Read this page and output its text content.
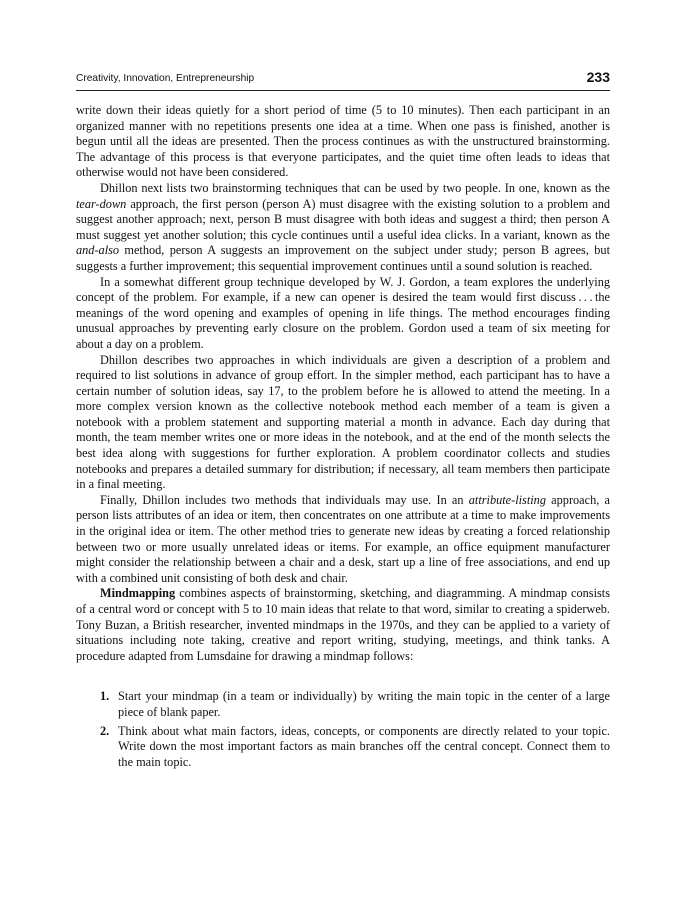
Creativity, Innovation, Entrepreneurship	233

write down their ideas quietly for a short period of time (5 to 10 minutes). Then each participant in an organized manner with no repetitions presents one idea at a time. When one pass is finished, another is begun until all the ideas are presented. Then the process continues as with the unstructured brainstorming. The advantage of this process is that everyone participates, and the quiet time often leads to ideas that otherwise would not have been considered.

Dhillon next lists two brainstorming techniques that can be used by two people. In one, known as the tear-down approach, the first person (person A) must disagree with the existing solution to a problem and suggest another approach; next, person B must disagree with both ideas and suggest a third; then person A must suggest yet another solution; this cycle continues until a useful idea clicks. In a variant, known as the and-also method, person A suggests an improvement on the subject under study; person B agrees, but suggests a further improvement; this sequential improvement continues until a sound solution is reached.

In a somewhat different group technique developed by W. J. Gordon, a team explores the underlying concept of the problem. For example, if a new can opener is desired the team would first discuss . . . the meanings of the word opening and examples of opening in life things. The method encourages finding unusual approaches by preventing early closure on the problem. Gordon used a team of six meeting for about a day on a problem.

Dhillon describes two approaches in which individuals are given a description of a problem and required to list solutions in advance of group effort. In the simpler method, each participant has to have a certain number of solution ideas, say 17, to the problem before he is allowed to attend the meeting. In a more complex version known as the collective notebook method each member of a team is given a notebook with a problem statement and supporting material a month in advance. Each day during that month, the team member writes one or more ideas in the notebook, and at the end of the month selects the best idea along with suggestions for further exploration. A problem coordinator collects and studies notebooks and prepares a detailed summary for distribution; if necessary, all team members then participate in a final meeting.

Finally, Dhillon includes two methods that individuals may use. In an attribute-listing approach, a person lists attributes of an idea or item, then concentrates on one attribute at a time to make improvements in the original idea or item. The other method tries to generate new ideas by creating a forced relationship between two or more usually unrelated ideas or items. For example, an office equipment manufacturer might consider the relationship between a chair and a desk, start up a line of free associations, and end up with a combined unit consisting of both desk and chair.

Mindmapping combines aspects of brainstorming, sketching, and diagramming. A mindmap consists of a central word or concept with 5 to 10 main ideas that relate to that word, similar to creating a spiderweb. Tony Buzan, a British researcher, invented mindmaps in the 1970s, and they can be applied to a variety of situations including note taking, creative and report writing, studying, meetings, and think tanks. A procedure adapted from Lumsdaine for drawing a mindmap follows:

1. Start your mindmap (in a team or individually) by writing the main topic in the center of a large piece of blank paper.
2. Think about what main factors, ideas, concepts, or components are directly related to your topic. Write down the most important factors as main branches off the central concept. Connect them to the main topic.
